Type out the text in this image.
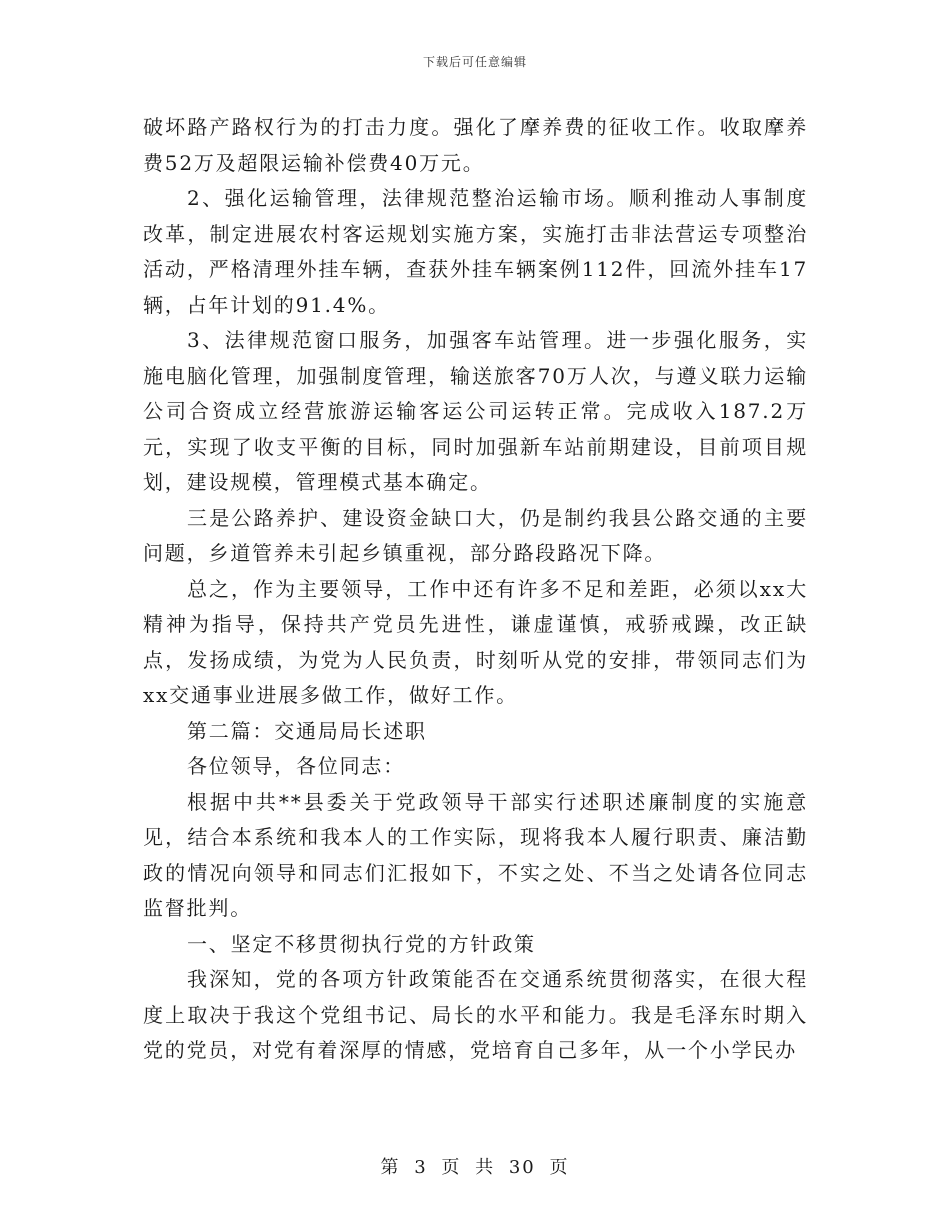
下载后可任意编辑

破坏路产路权行为的打击力度。强化了摩养费的征收工作。收取摩养费52万及超限运输补偿费40万元。

2、强化运输管理，法律规范整治运输市场。顺利推动人事制度改革，制定进展农村客运规划实施方案，实施打击非法营运专项整治活动，严格清理外挂车辆，查获外挂车辆案例112件，回流外挂车17辆，占年计划的91.4%。

3、法律规范窗口服务，加强客车站管理。进一步强化服务，实施电脑化管理，加强制度管理，输送旅客70万人次，与遵义联力运输公司合资成立经营旅游运输客运公司运转正常。完成收入187.2万元，实现了收支平衡的目标，同时加强新车站前期建设，目前项目规划，建设规模，管理模式基本确定。

三是公路养护、建设资金缺口大，仍是制约我县公路交通的主要问题，乡道管养未引起乡镇重视，部分路段路况下降。

总之，作为主要领导，工作中还有许多不足和差距，必须以xx大精神为指导，保持共产党员先进性，谦虚谨慎，戒骄戒躁，改正缺点，发扬成绩，为党为人民负责，时刻听从党的安排，带领同志们为xx交通事业进展多做工作，做好工作。

第二篇：交通局局长述职

各位领导，各位同志：

根据中共**县委关于党政领导干部实行述职述廉制度的实施意见，结合本系统和我本人的工作实际，现将我本人履行职责、廉洁勤政的情况向领导和同志们汇报如下，不实之处、不当之处请各位同志监督批判。

一、坚定不移贯彻执行党的方针政策

我深知，党的各项方针政策能否在交通系统贯彻落实，在很大程度上取决于我这个党组书记、局长的水平和能力。我是毛泽东时期入党的党员，对党有着深厚的情感，党培育自己多年，从一个小学民办

第 3 页 共 30 页
